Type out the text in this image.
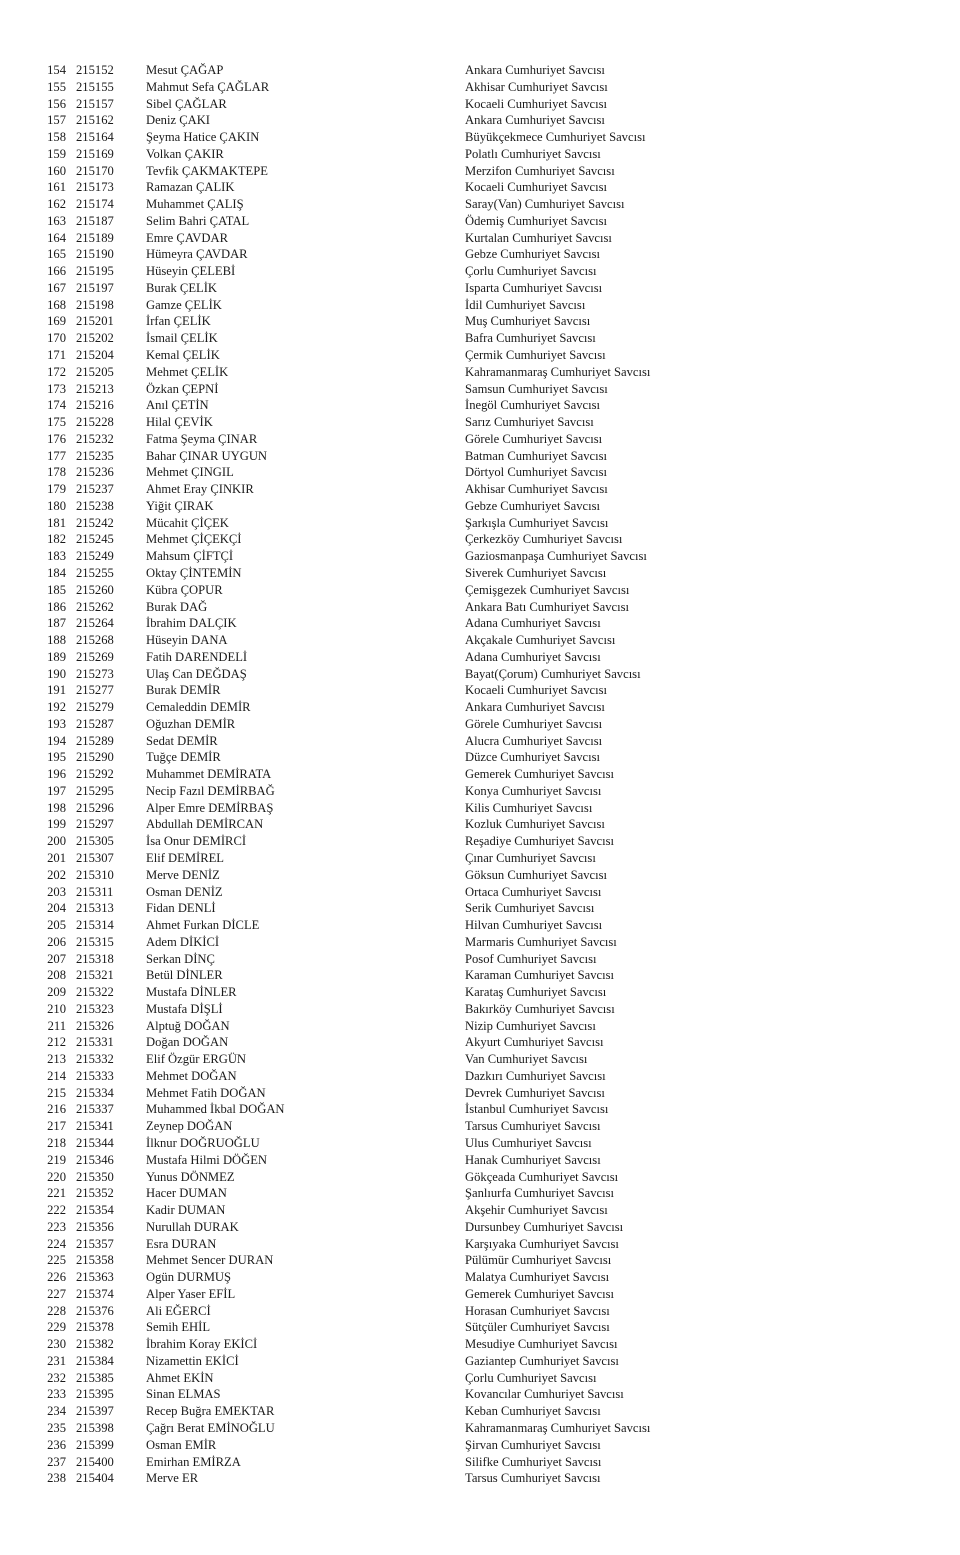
154 215152	Mesut ÇAĞAP	Ankara Cumhuriyet Savcısı
155 215155	Mahmut Sefa ÇAĞLAR	Akhisar Cumhuriyet Savcısı
156 215157	Sibel ÇAĞLAR	Kocaeli Cumhuriyet Savcısı
157 215162	Deniz ÇAKI	Ankara Cumhuriyet Savcısı
158 215164	Şeyma Hatice ÇAKIN	Büyükçekmece Cumhuriyet Savcısı
159 215169	Volkan ÇAKIR	Polatlı Cumhuriyet Savcısı
160 215170	Tevfik ÇAKMAKTEPE	Merzifon Cumhuriyet Savcısı
161 215173	Ramazan ÇALIK	Kocaeli Cumhuriyet Savcısı
162 215174	Muhammet ÇALIŞ	Saray(Van) Cumhuriyet Savcısı
163 215187	Selim Bahri ÇATAL	Ödemiş Cumhuriyet Savcısı
164 215189	Emre ÇAVDAR	Kurtalan Cumhuriyet Savcısı
165 215190	Hümeyra ÇAVDAR	Gebze Cumhuriyet Savcısı
166 215195	Hüseyin ÇELEBİ	Çorlu Cumhuriyet Savcısı
167 215197	Burak ÇELİK	Isparta Cumhuriyet Savcısı
168 215198	Gamze ÇELİK	İdil Cumhuriyet Savcısı
169 215201	İrfan ÇELİK	Muş Cumhuriyet Savcısı
170 215202	İsmail ÇELİK	Bafra Cumhuriyet Savcısı
171 215204	Kemal ÇELİK	Çermik Cumhuriyet Savcısı
172 215205	Mehmet ÇELİK	Kahramanmaraş Cumhuriyet Savcısı
173 215213	Özkan ÇEPNİ	Samsun Cumhuriyet Savcısı
174 215216	Anıl ÇETİN	İnegöl Cumhuriyet Savcısı
175 215228	Hilal ÇEVİK	Sarız Cumhuriyet Savcısı
176 215232	Fatma Şeyma ÇINAR	Görele Cumhuriyet Savcısı
177 215235	Bahar ÇINAR UYGUN	Batman Cumhuriyet Savcısı
178 215236	Mehmet ÇINGIL	Dörtyol Cumhuriyet Savcısı
179 215237	Ahmet Eray ÇINKIR	Akhisar Cumhuriyet Savcısı
180 215238	Yiğit ÇIRAK	Gebze Cumhuriyet Savcısı
181 215242	Mücahit ÇİÇEK	Şarkışla Cumhuriyet Savcısı
182 215245	Mehmet ÇİÇEKÇİ	Çerkezköy Cumhuriyet Savcısı
183 215249	Mahsum ÇİFTÇİ	Gaziosmanpaşa Cumhuriyet Savcısı
184 215255	Oktay ÇİNTEMİN	Siverek Cumhuriyet Savcısı
185 215260	Kübra ÇOPUR	Çemişgezek Cumhuriyet Savcısı
186 215262	Burak DAĞ	Ankara Batı Cumhuriyet Savcısı
187 215264	İbrahim DALÇIK	Adana Cumhuriyet Savcısı
188 215268	Hüseyin DANA	Akçakale Cumhuriyet Savcısı
189 215269	Fatih DARENDELİ	Adana Cumhuriyet Savcısı
190 215273	Ulaş Can DEĞDAŞ	Bayat(Çorum) Cumhuriyet Savcısı
191 215277	Burak DEMİR	Kocaeli Cumhuriyet Savcısı
192 215279	Cemaleddin DEMİR	Ankara Cumhuriyet Savcısı
193 215287	Oğuzhan DEMİR	Görele Cumhuriyet Savcısı
194 215289	Sedat DEMİR	Alucra Cumhuriyet Savcısı
195 215290	Tuğçe DEMİR	Düzce Cumhuriyet Savcısı
196 215292	Muhammet DEMİRATA	Gemerek Cumhuriyet Savcısı
197 215295	Necip Fazıl DEMİRBAĞ	Konya Cumhuriyet Savcısı
198 215296	Alper Emre DEMİRBAŞ	Kilis Cumhuriyet Savcısı
199 215297	Abdullah DEMİRCAN	Kozluk Cumhuriyet Savcısı
200 215305	İsa Onur DEMİRCİ	Reşadiye Cumhuriyet Savcısı
201 215307	Elif DEMİREL	Çınar Cumhuriyet Savcısı
202 215310	Merve DENİZ	Göksun Cumhuriyet Savcısı
203 215311	Osman DENİZ	Ortaca Cumhuriyet Savcısı
204 215313	Fidan DENLİ	Serik Cumhuriyet Savcısı
205 215314	Ahmet Furkan DİCLE	Hilvan Cumhuriyet Savcısı
206 215315	Adem DİKİCİ	Marmaris Cumhuriyet Savcısı
207 215318	Serkan DİNÇ	Posof Cumhuriyet Savcısı
208 215321	Betül DİNLER	Karaman Cumhuriyet Savcısı
209 215322	Mustafa DİNLER	Karataş Cumhuriyet Savcısı
210 215323	Mustafa DİŞLİ	Bakırköy Cumhuriyet Savcısı
211 215326	Alptuğ DOĞAN	Nizip Cumhuriyet Savcısı
212 215331	Doğan DOĞAN	Akyurt Cumhuriyet Savcısı
213 215332	Elif Özgür ERGÜN	Van Cumhuriyet Savcısı
214 215333	Mehmet DOĞAN	Dazkırı Cumhuriyet Savcısı
215 215334	Mehmet Fatih DOĞAN	Devrek Cumhuriyet Savcısı
216 215337	Muhammed İkbal DOĞAN	İstanbul Cumhuriyet Savcısı
217 215341	Zeynep DOĞAN	Tarsus Cumhuriyet Savcısı
218 215344	İlknur DOĞRUOĞLU	Ulus Cumhuriyet Savcısı
219 215346	Mustafa Hilmi DÖĞEN	Hanak Cumhuriyet Savcısı
220 215350	Yunus DÖNMEZ	Gökçeada Cumhuriyet Savcısı
221 215352	Hacer DUMAN	Şanlıurfa Cumhuriyet Savcısı
222 215354	Kadir DUMAN	Akşehir Cumhuriyet Savcısı
223 215356	Nurullah DURAK	Dursunbey Cumhuriyet Savcısı
224 215357	Esra DURAN	Karşıyaka Cumhuriyet Savcısı
225 215358	Mehmet Sencer DURAN	Pülümür Cumhuriyet Savcısı
226 215363	Ogün DURMUŞ	Malatya Cumhuriyet Savcısı
227 215374	Alper Yaser EFİL	Gemerek Cumhuriyet Savcısı
228 215376	Ali EĞERCİ	Horasan Cumhuriyet Savcısı
229 215378	Semih EHİL	Sütçüler Cumhuriyet Savcısı
230 215382	İbrahim Koray EKİCİ	Mesudiye Cumhuriyet Savcısı
231 215384	Nizamettin EKİCİ	Gaziantep Cumhuriyet Savcısı
232 215385	Ahmet EKİN	Çorlu Cumhuriyet Savcısı
233 215395	Sinan ELMAS	Kovancılar Cumhuriyet Savcısı
234 215397	Recep Buğra EMEKTAR	Keban Cumhuriyet Savcısı
235 215398	Çağrı Berat EMİNOĞLU	Kahramanmaraş Cumhuriyet Savcısı
236 215399	Osman EMİR	Şirvan Cumhuriyet Savcısı
237 215400	Emirhan EMİRZA	Silifke Cumhuriyet Savcısı
238 215404	Merve ER	Tarsus Cumhuriyet Savcısı
